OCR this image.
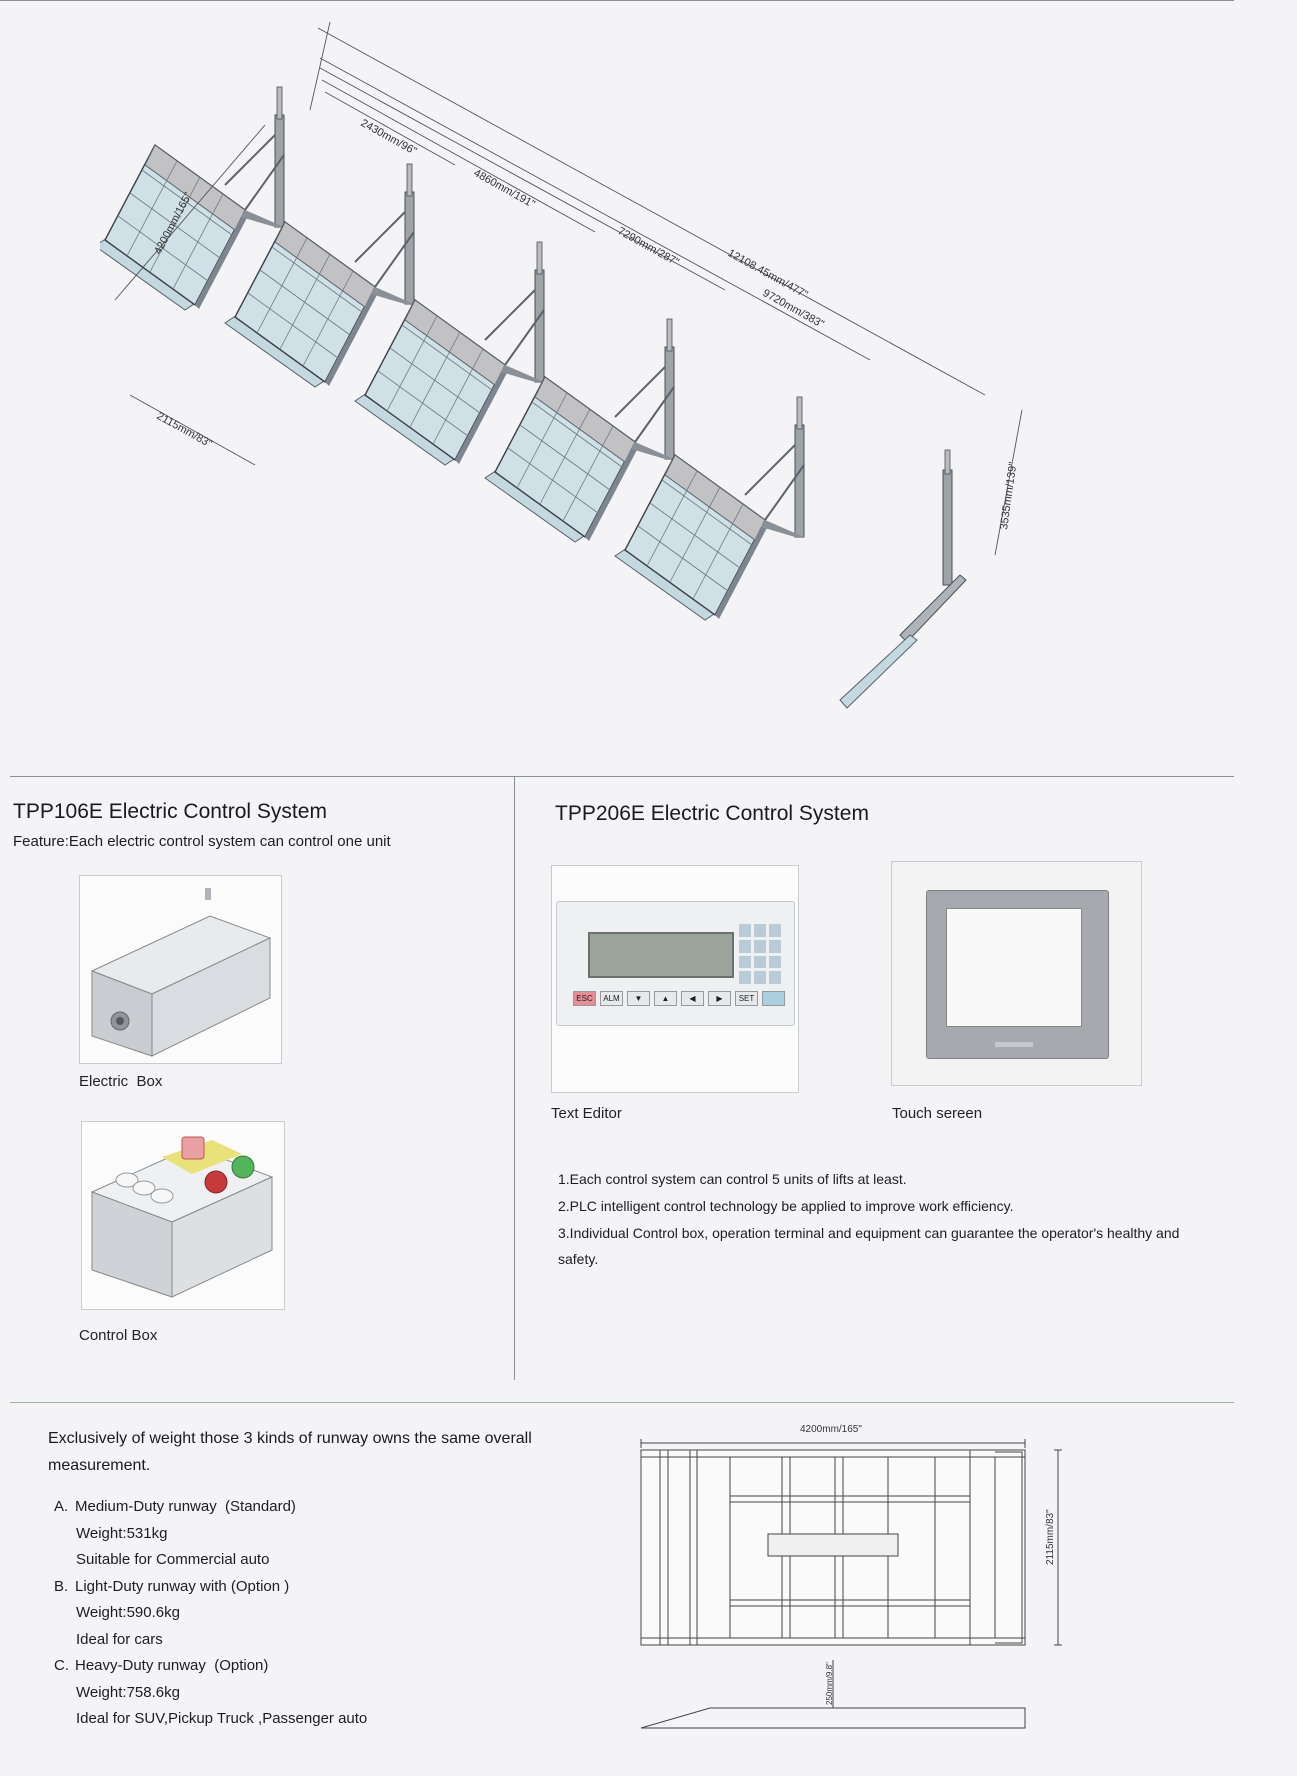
2430mm/96"
4860mm/191"
7290mm/287"
12108.45mm/477"
9720mm/383"
4200mm/165"
2115mm/83"
3535mm/139"
TPP106E Electric Control System
Feature:Each electric control system can control one unit
Electric  Box
Control Box
TPP206E Electric Control System
ESC	ALM	▼	▲	◀	▶	SET
Text Editor	Touch sereen

1.Each control system can control 5 units of lifts at least.

2.PLC intelligent control technology be applied to improve work efficiency.

3.Individual Control box, operation terminal and equipment can guarantee the operator's healthy and safety.

Exclusively of weight those 3 kinds of runway owns the same overall measurement.
A. Medium-Duty runway  (Standard)
Weight:531kg
Suitable for Commercial auto
B. Light-Duty runway with (Option )
Weight:590.6kg
Ideal for cars
C. Heavy-Duty runway  (Option)
Weight:758.6kg
Ideal for SUV,Pickup Truck ,Passenger auto
4200mm/165"
2115mm/83"
250mm/9.8"
